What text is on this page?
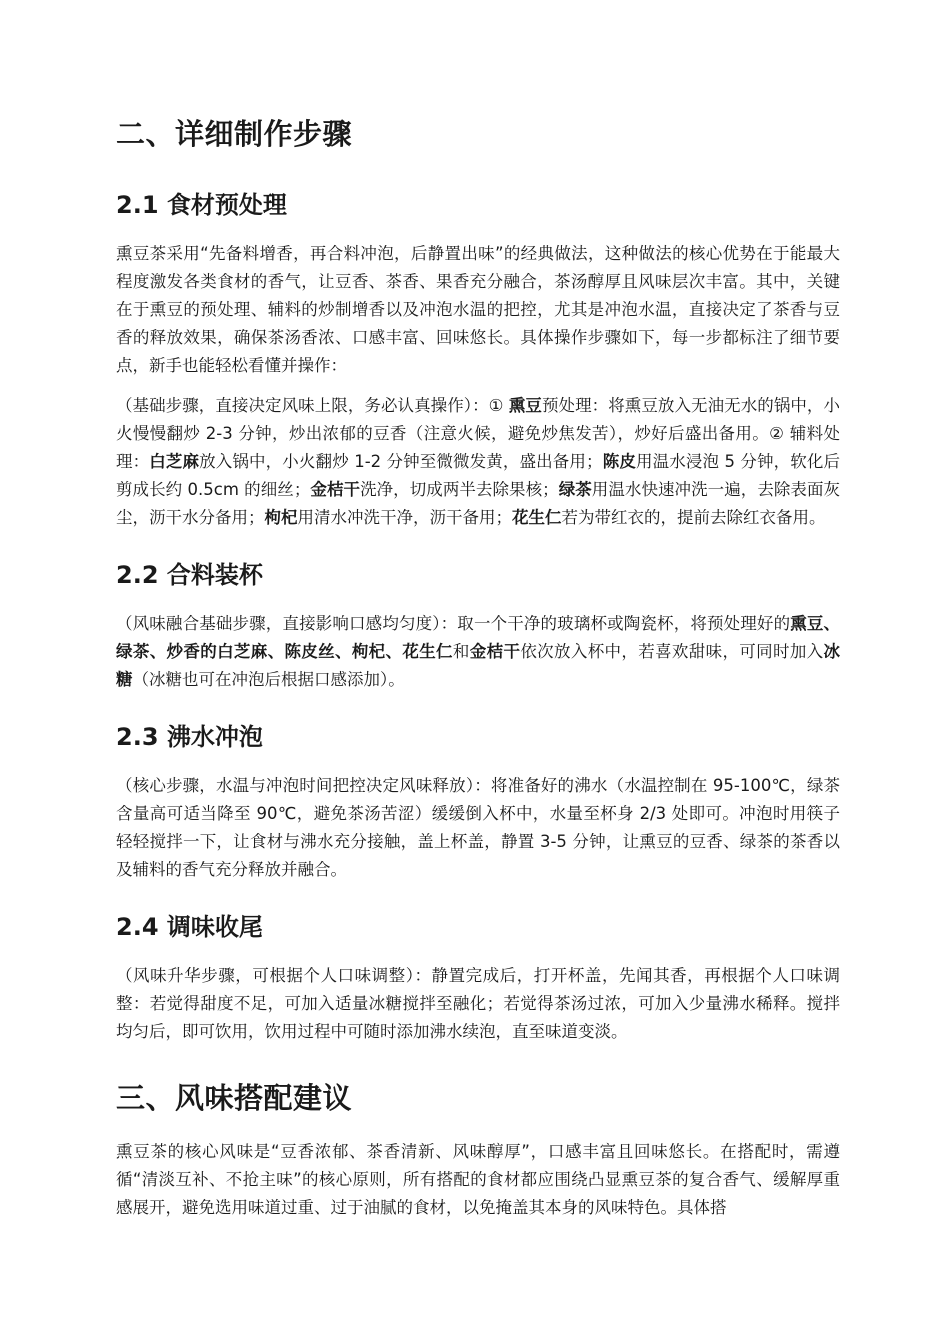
二、详细制作步骤
2.1 食材预处理

熏豆茶采用“先备料增香，再合料冲泡，后静置出味”的经典做法，这种做法的核心优势在于能最大程度激发各类食材的香气，让豆香、茶香、果香充分融合，茶汤醇厚且风味层次丰富。其中，关键在于熏豆的预处理、辅料的炒制增香以及冲泡水温的把控，尤其是冲泡水温，直接决定了茶香与豆香的释放效果，确保茶汤香浓、口感丰富、回味悠长。具体操作步骤如下，每一步都标注了细节要点，新手也能轻松看懂并操作：

（基础步骤，直接决定风味上限，务必认真操作）：① 熏豆预处理：将熏豆放入无油无水的锅中，小火慢慢翻炒 2-3 分钟，炒出浓郁的豆香（注意火候，避免炒焦发苦），炒好后盛出备用。② 辅料处理：白芝麻放入锅中，小火翻炒 1-2 分钟至微微发黄，盛出备用；陈皮用温水浸泡 5 分钟，软化后剪成长约 0.5cm 的细丝；金桔干洗净，切成两半去除果核；绿茶用温水快速冲洗一遍，去除表面灰尘，沥干水分备用；枸杞用清水冲洗干净，沥干备用；花生仁若为带红衣的，提前去除红衣备用。

2.2 合料装杯

（风味融合基础步骤，直接影响口感均匀度）：取一个干净的玻璃杯或陶瓷杯，将预处理好的熏豆、绿茶、炒香的白芝麻、陈皮丝、枸杞、花生仁和金桔干依次放入杯中，若喜欢甜味，可同时加入冰糖（冰糖也可在冲泡后根据口感添加）。

2.3 沸水冲泡

（核心步骤，水温与冲泡时间把控决定风味释放）：将准备好的沸水（水温控制在 95-100℃，绿茶含量高可适当降至 90℃，避免茶汤苦涩）缓缓倒入杯中，水量至杯身 2/3 处即可。冲泡时用筷子轻轻搅拌一下，让食材与沸水充分接触，盖上杯盖，静置 3-5 分钟，让熏豆的豆香、绿茶的茶香以及辅料的香气充分释放并融合。

2.4 调味收尾

（风味升华步骤，可根据个人口味调整）：静置完成后，打开杯盖，先闻其香，再根据个人口味调整：若觉得甜度不足，可加入适量冰糖搅拌至融化；若觉得茶汤过浓，可加入少量沸水稀释。搅拌均匀后，即可饮用，饮用过程中可随时添加沸水续泡，直至味道变淡。

三、风味搭配建议

熏豆茶的核心风味是“豆香浓郁、茶香清新、风味醇厚”，口感丰富且回味悠长。在搭配时，需遵循“清淡互补、不抢主味”的核心原则，所有搭配的食材都应围绕凸显熏豆茶的复合香气、缓解厚重感展开，避免选用味道过重、过于油腻的食材，以免掩盖其本身的风味特色。具体搭
